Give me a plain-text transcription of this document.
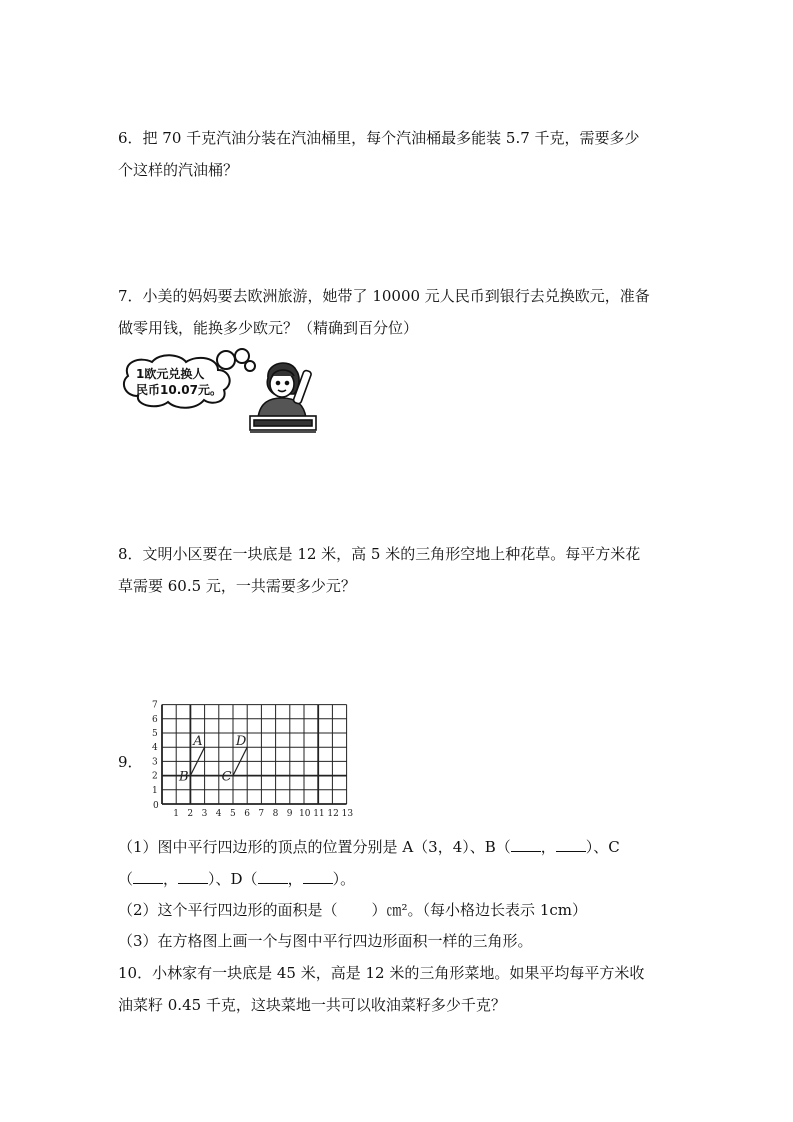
6．把 70 千克汽油分装在汽油桶里，每个汽油桶最多能装 5.7 千克，需要多少
个这样的汽油桶？
7．小美的妈妈要去欧洲旅游，她带了 10000 元人民币到银行去兑换欧元，准备
做零用钱，能换多少欧元？（精确到百分位）
1欧元兑换人
民币10.07元。
8．文明小区要在一块底是 12 米，高 5 米的三角形空地上种花草。每平方米花
草需要 60.5 元，一共需要多少元？
9．
0
1 2 3 4 5 6 7 8 9 10 11 12 13
1
2
3
4
5
6
7
A
B	C
D
（1）图中平行四边形的顶点的位置分别是 A（3，4）、B（ ， ）、C
（ ， ）、D（ ， ）。
（2）这个平行四边形的面积是（ ）㎝²。（每小格边长表示 1cm）
（3）在方格图上画一个与图中平行四边形面积一样的三角形。
10．小林家有一块底是 45 米，高是 12 米的三角形菜地。如果平均每平方米收
油菜籽 0.45 千克，这块菜地一共可以收油菜籽多少千克？
